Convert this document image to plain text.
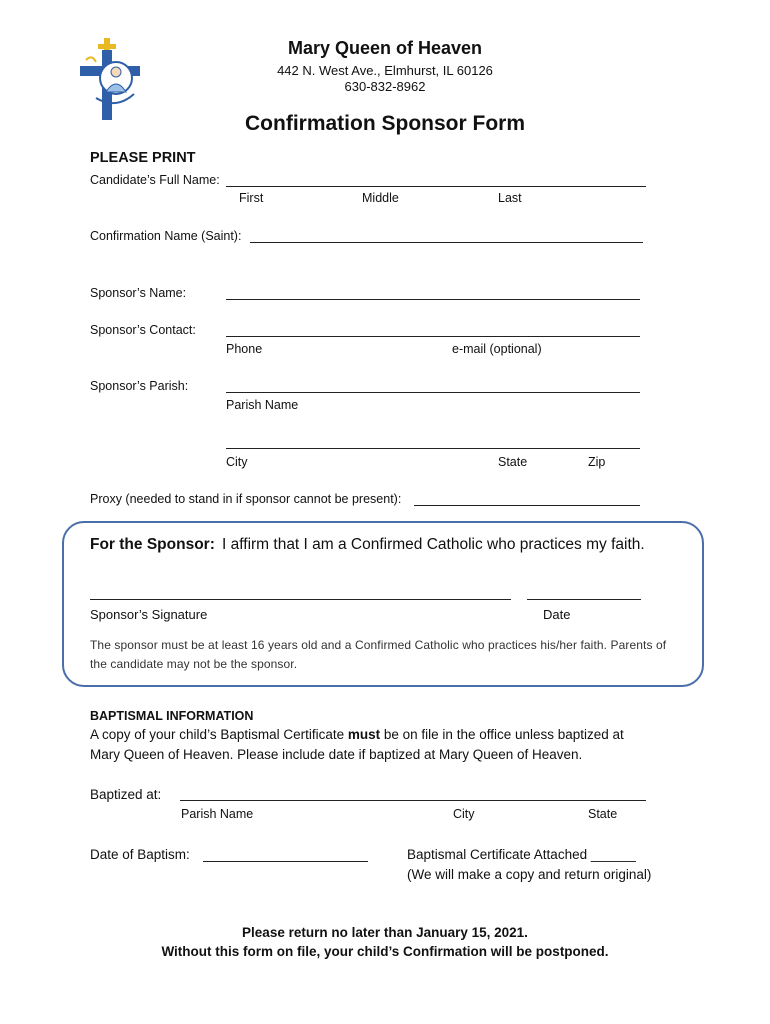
Mary Queen of Heaven
442 N. West Ave., Elmhurst, IL 60126
630-832-8962
Confirmation Sponsor Form
PLEASE PRINT
Candidate’s Full Name:
First	Middle	Last
Confirmation Name (Saint):
Sponsor’s Name:
Sponsor’s Contact:
Phone	e-mail (optional)
Sponsor’s Parish:
Parish Name
City	State	Zip
Proxy (needed to stand in if sponsor cannot be present):
For the Sponsor: I affirm that I am a Confirmed Catholic who practices my faith.
Sponsor’s Signature	Date
The sponsor must be at least 16 years old and a Confirmed Catholic who practices his/her faith. Parents of
the candidate may not be the sponsor.
BAPTISMAL INFORMATION
A copy of your child’s Baptismal Certificate must be on file in the office unless baptized at
Mary Queen of Heaven. Please include date if baptized at Mary Queen of Heaven.
Baptized at:
Parish Name	City	State
Date of Baptism:	Baptismal Certificate Attached ______
(We will make a copy and return original)
Please return no later than January 15, 2021.
Without this form on file, your child’s Confirmation will be postponed.
